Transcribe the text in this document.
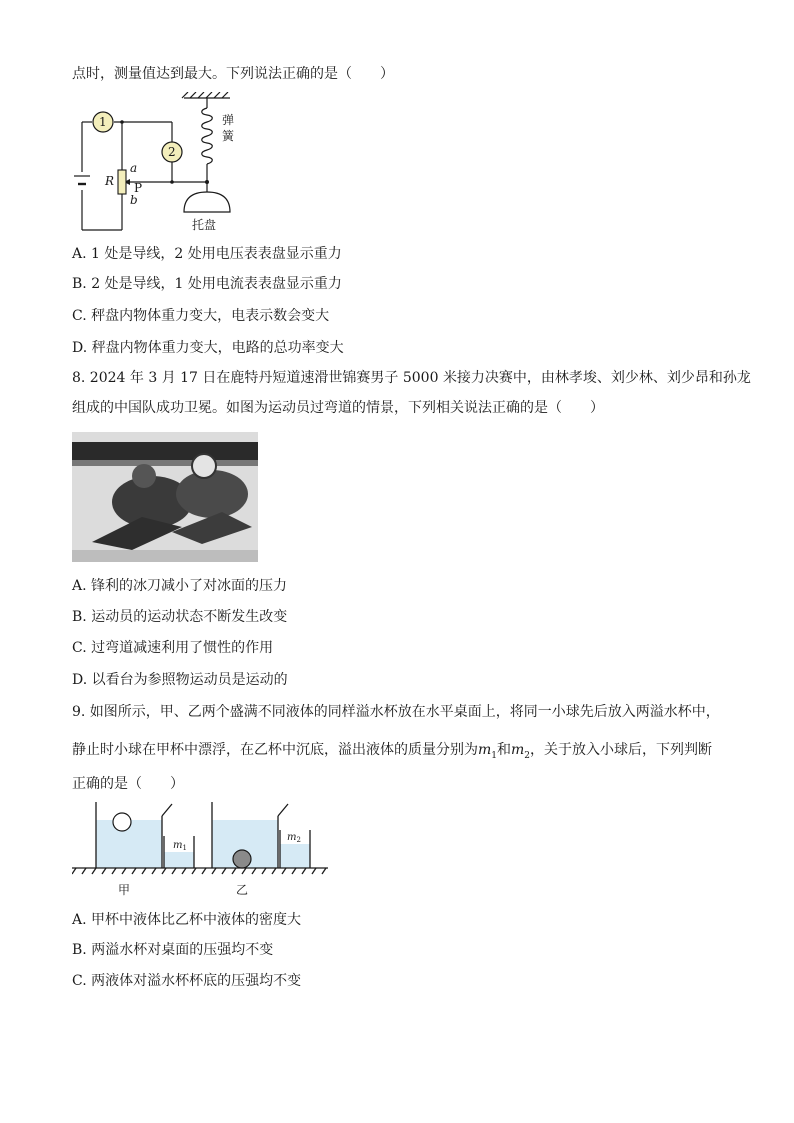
点时，测量值达到最大。下列说法正确的是（　　）
1
2
弹
簧
R
a
P
b
托盘
A. 1 处是导线，2 处用电压表表盘显示重力
B. 2 处是导线，1 处用电流表表盘显示重力
C. 秤盘内物体重力变大，电表示数会变大
D. 秤盘内物体重力变大，电路的总功率变大
8. 2024 年 3 月 17 日在鹿特丹短道速滑世锦赛男子 5000 米接力决赛中，由林孝埈、刘少林、刘少昂和孙龙
组成的中国队成功卫冕。如图为运动员过弯道的情景，下列相关说法正确的是（　　）
A. 锋利的冰刀减小了对冰面的压力
B. 运动员的运动状态不断发生改变
C. 过弯道减速利用了惯性的作用
D. 以看台为参照物运动员是运动的
9. 如图所示，甲、乙两个盛满不同液体的同样溢水杯放在水平桌面上，将同一小球先后放入两溢水杯中，
静止时小球在甲杯中漂浮，在乙杯中沉底，溢出液体的质量分别为$m_1$和$m_2$，关于放入小球后，下列判断
正确的是（　　）
甲	乙
$m_1$
$m_2$
A. 甲杯中液体比乙杯中液体的密度大
B. 两溢水杯对桌面的压强均不变
C. 两液体对溢水杯杯底的压强均不变
